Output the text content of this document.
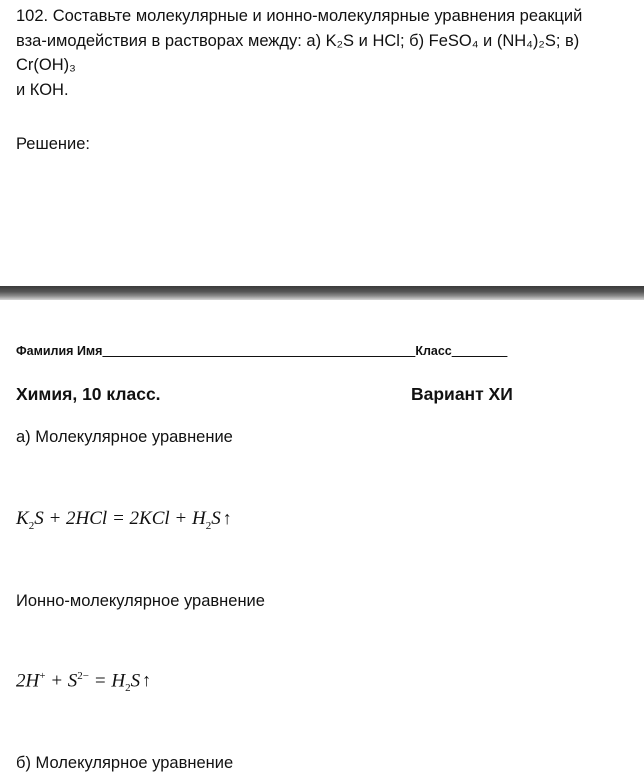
102. Составьте молекулярные и ионно-молекулярные уравнения реакций
вза-имодействия в растворах между: а) K₂S и HCl; б) FeSO₄ и (NH₄)₂S; в) Cr(OH)₃
и КОН.
Решение:
Фамилия Имя_____________________________________________Класс________
Химия, 10 класс.	Вариант ХИ
а) Молекулярное уравнение
$K_2S + 2HCl = 2KCl + H_2S$ ↑
Ионно-молекулярное уравнение
$2H^+ + S^{2-} = H_2S$ ↑
б) Молекулярное уравнение
